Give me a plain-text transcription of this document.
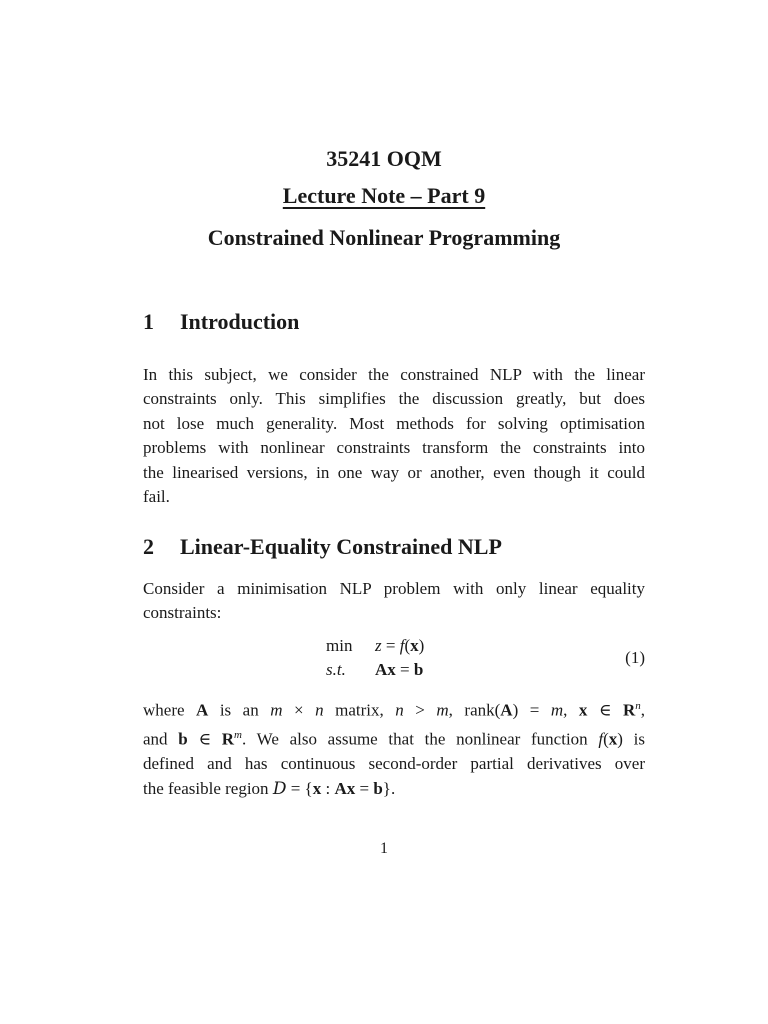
35241 OQM
Lecture Note – Part 9
Constrained Nonlinear Programming
1 Introduction
In this subject, we consider the constrained NLP with the linear
constraints only. This simplifies the discussion greatly, but does
not lose much generality. Most methods for solving optimisation
problems with nonlinear constraints transform the constraints into
the linearised versions, in one way or another, even though it could
fail.
2 Linear-Equality Constrained NLP
Consider a minimisation NLP problem with only linear equality
constraints:
min z = f(x)
s.t. Ax = b
(1)
where A is an m × n matrix, n > m, rank(A) = m, x ∈ $R^n$,
and b ∈ $R^m$. We also assume that the nonlinear function f(x) is
defined and has continuous second-order partial derivatives over
the feasible region D = {x : Ax = b}.
1
